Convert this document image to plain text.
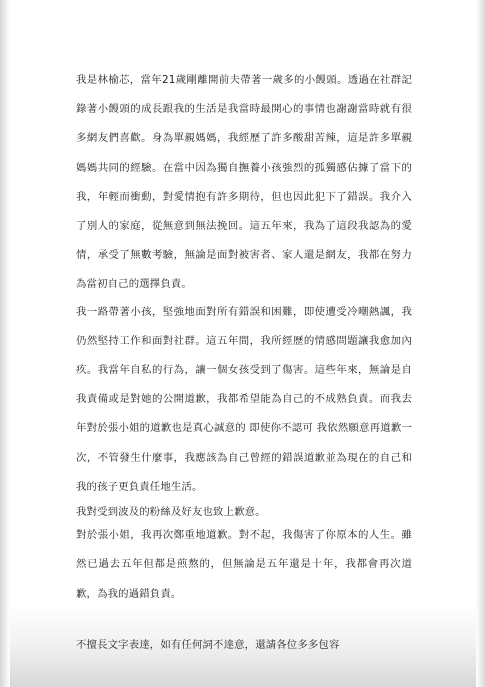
我是林榆芯，當年21歲剛離開前夫帶著一歲多的小饅頭。透過在社群記錄著小饅頭的成長跟我的生活是我當時最開心的事情也謝謝當時就有很多網友們喜歡。身為單親媽媽，我經歷了許多酸甜苦辣，這是許多單親媽媽共同的經驗。在當中因為獨自撫養小孩強烈的孤獨感佔據了當下的我，年輕而衝動，對愛情抱有許多期待，但也因此犯下了錯誤。我介入了別人的家庭，從無意到無法挽回。這五年來，我為了這段我認為的愛情，承受了無數考驗，無論是面對被害者、家人還是網友，我都在努力為當初自己的選擇負責。

我一路帶著小孩，堅強地面對所有錯誤和困難，即使遭受冷嘲熱諷，我仍然堅持工作和面對社群。這五年間，我所經歷的情感問題讓我愈加內疚。我當年自私的行為，讓一個女孩受到了傷害。這些年來，無論是自我責備或是對她的公開道歉，我都希望能為自己的不成熟負責。而我去年對於張小姐的道歉也是真心誠意的 即使你不認可 我依然願意再道歉一次，不管發生什麼事，我應該為自己曾經的錯誤道歉並為現在的自己和我的孩子更負責任地生活。

我對受到波及的粉絲及好友也致上歉意。

對於張小姐，我再次鄭重地道歉。對不起，我傷害了你原本的人生。雖然已過去五年但都是煎熬的，但無論是五年還是十年，我都會再次道歉，為我的過錯負責。

不擅長文字表達，如有任何詞不達意，還請各位多多包容
